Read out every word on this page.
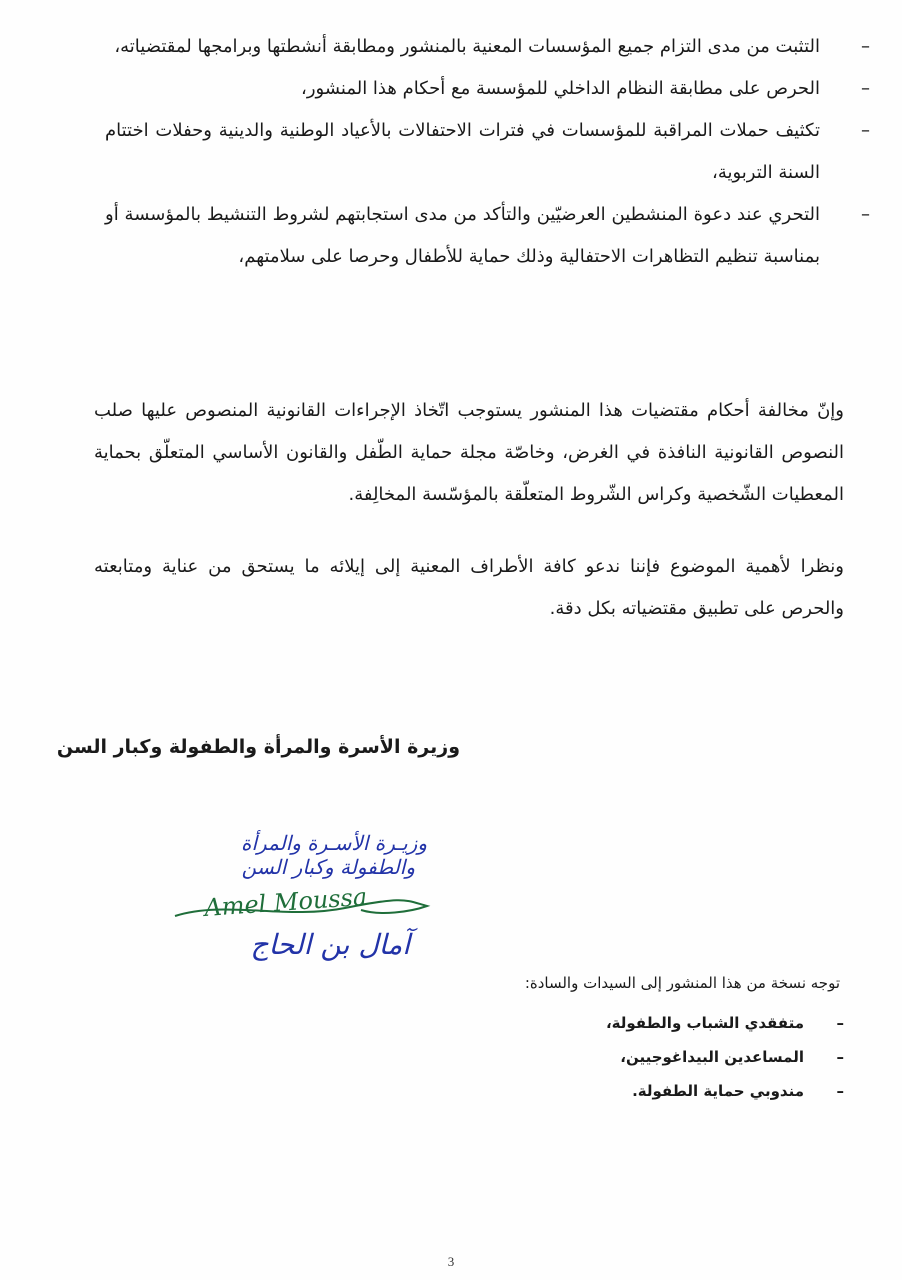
–
التثبت من مدى التزام جميع المؤسسات المعنية بالمنشور ومطابقة أنشطتها وبرامجها لمقتضياته،
–
الحرص على مطابقة النظام الداخلي للمؤسسة مع أحكام هذا المنشور،
–
تكثيف حملات المراقبة للمؤسسات في فترات الاحتفالات بالأعياد الوطنية والدينية وحفلات اختتام السنة التربوية،
–
التحري عند دعوة المنشطين العرضيّين والتأكد من مدى استجابتهم لشروط التنشيط بالمؤسسة أو بمناسبة تنظيم التظاهرات الاحتفالية وذلك حماية للأطفال وحرصا على سلامتهم،

وإنّ مخالفة أحكام مقتضيات هذا المنشور يستوجب اتّخاذ الإجراءات القانونية المنصوص عليها صلب النصوص القانونية النافذة في الغرض، وخاصّة مجلة حماية الطّفل والقانون الأساسي المتعلّق بحماية المعطيات الشّخصية وكراس الشّروط المتعلّقة بالمؤسّسة المخالِفة.

ونظرا لأهمية الموضوع فإننا ندعو كافة الأطراف المعنية إلى إيلائه ما يستحق من عناية ومتابعته والحرص على تطبيق مقتضياته بكل دقة.

وزيرة الأسرة والمرأة والطفولة وكبار السن
وزيـرة الأسـرة والمرأة
والطفولة وكبار السن
Amel Moussa
آمال بن الحاج
توجه نسخة من هذا المنشور إلى السيدات والسادة:
–
متفقدي الشباب والطفولة،
–
المساعدين البيداغوجيين،
–
مندوبي حماية الطفولة.
3
